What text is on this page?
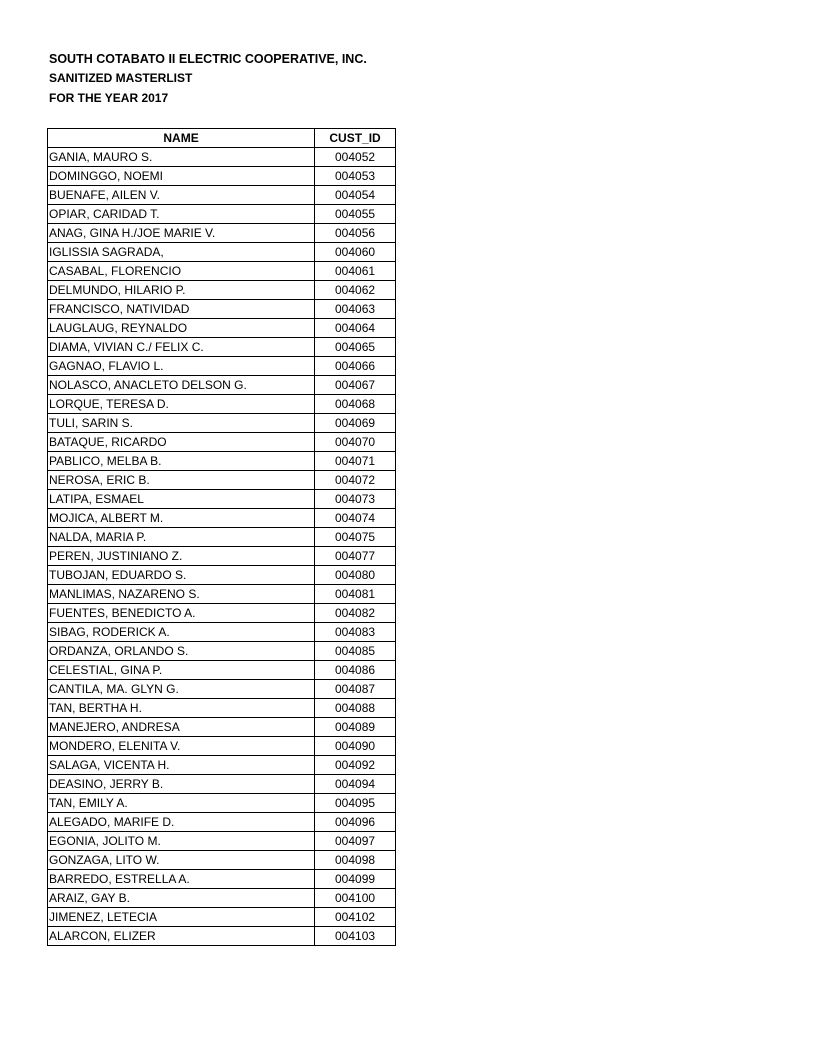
SOUTH COTABATO II ELECTRIC COOPERATIVE, INC.
SANITIZED MASTERLIST
FOR THE YEAR 2017
NAME	CUST_ID
GANIA, MAURO S.	004052
DOMINGGO, NOEMI	004053
BUENAFE, AILEN V.	004054
OPIAR, CARIDAD T.	004055
ANAG, GINA H./JOE MARIE V.	004056
IGLISSIA SAGRADA,	004060
CASABAL, FLORENCIO	004061
DELMUNDO, HILARIO P.	004062
FRANCISCO, NATIVIDAD	004063
LAUGLAUG, REYNALDO	004064
DIAMA, VIVIAN C./ FELIX C.	004065
GAGNAO, FLAVIO L.	004066
NOLASCO, ANACLETO DELSON G.	004067
LORQUE, TERESA D.	004068
TULI, SARIN S.	004069
BATAQUE, RICARDO	004070
PABLICO, MELBA B.	004071
NEROSA, ERIC B.	004072
LATIPA, ESMAEL	004073
MOJICA, ALBERT M.	004074
NALDA, MARIA P.	004075
PEREN, JUSTINIANO Z.	004077
TUBOJAN, EDUARDO S.	004080
MANLIMAS, NAZARENO S.	004081
FUENTES, BENEDICTO A.	004082
SIBAG, RODERICK A.	004083
ORDANZA, ORLANDO S.	004085
CELESTIAL, GINA P.	004086
CANTILA, MA. GLYN G.	004087
TAN, BERTHA H.	004088
MANEJERO, ANDRESA	004089
MONDERO, ELENITA V.	004090
SALAGA, VICENTA H.	004092
DEASINO, JERRY B.	004094
TAN, EMILY A.	004095
ALEGADO, MARIFE D.	004096
EGONIA, JOLITO M.	004097
GONZAGA, LITO W.	004098
BARREDO, ESTRELLA A.	004099
ARAIZ, GAY B.	004100
JIMENEZ, LETECIA	004102
ALARCON, ELIZER	004103
